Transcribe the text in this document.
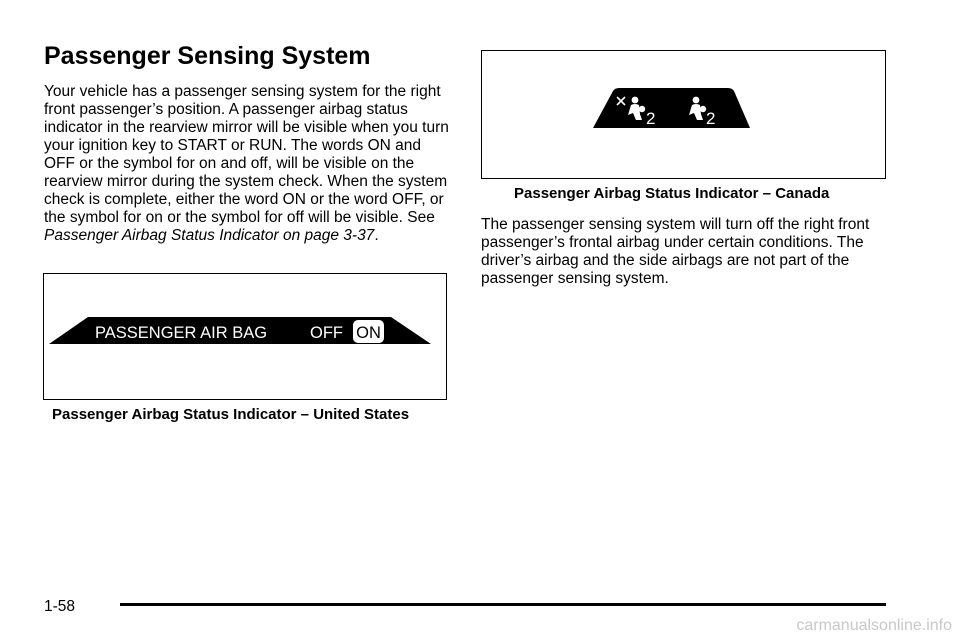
Passenger Sensing System

Your vehicle has a passenger sensing system for the right front passenger’s position. A passenger airbag status indicator in the rearview mirror will be visible when you turn your ignition key to START or RUN. The words ON and OFF or the symbol for on and off, will be visible on the rearview mirror during the system check. When the system check is complete, either the word ON or the word OFF, or the symbol for on or the symbol for off will be visible. See Passenger Airbag Status Indicator on page 3-37.

PASSENGER AIR BAG	OFF ON

Passenger Airbag Status Indicator – United States

2	2

Passenger Airbag Status Indicator – Canada

The passenger sensing system will turn off the right front passenger’s frontal airbag under certain conditions. The driver’s airbag and the side airbags are not part of the passenger sensing system.

1-58
carmanualsonline.info
